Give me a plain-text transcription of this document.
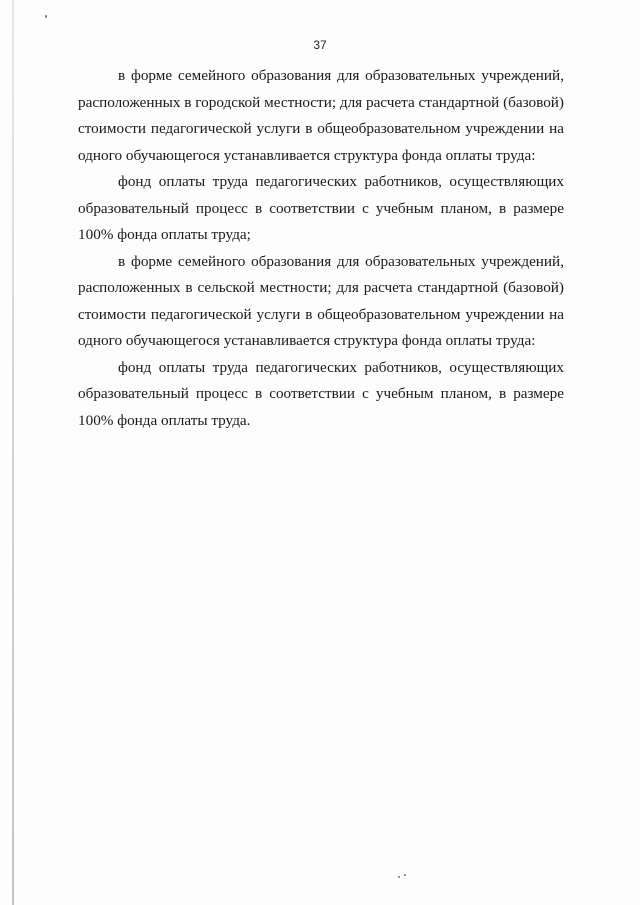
37

в форме семейного образования для образовательных учреждений, расположенных в городской местности; для расчета стандартной (базовой) стоимости педагогической услуги в общеобразовательном учреждении на одного обучающегося устанавливается структура фонда оплаты труда:

фонд оплаты труда педагогических работников, осуществляющих образовательный процесс в соответствии с учебным планом, в размере 100% фонда оплаты труда;

в форме семейного образования для образовательных учреждений, расположенных в сельской местности; для расчета стандартной (базовой) стоимости педагогической услуги в общеобразовательном учреждении на одного обучающегося устанавливается структура фонда оплаты труда:

фонд оплаты труда педагогических работников, осуществляющих образовательный процесс в соответствии с учебным планом, в размере 100% фонда оплаты труда.
